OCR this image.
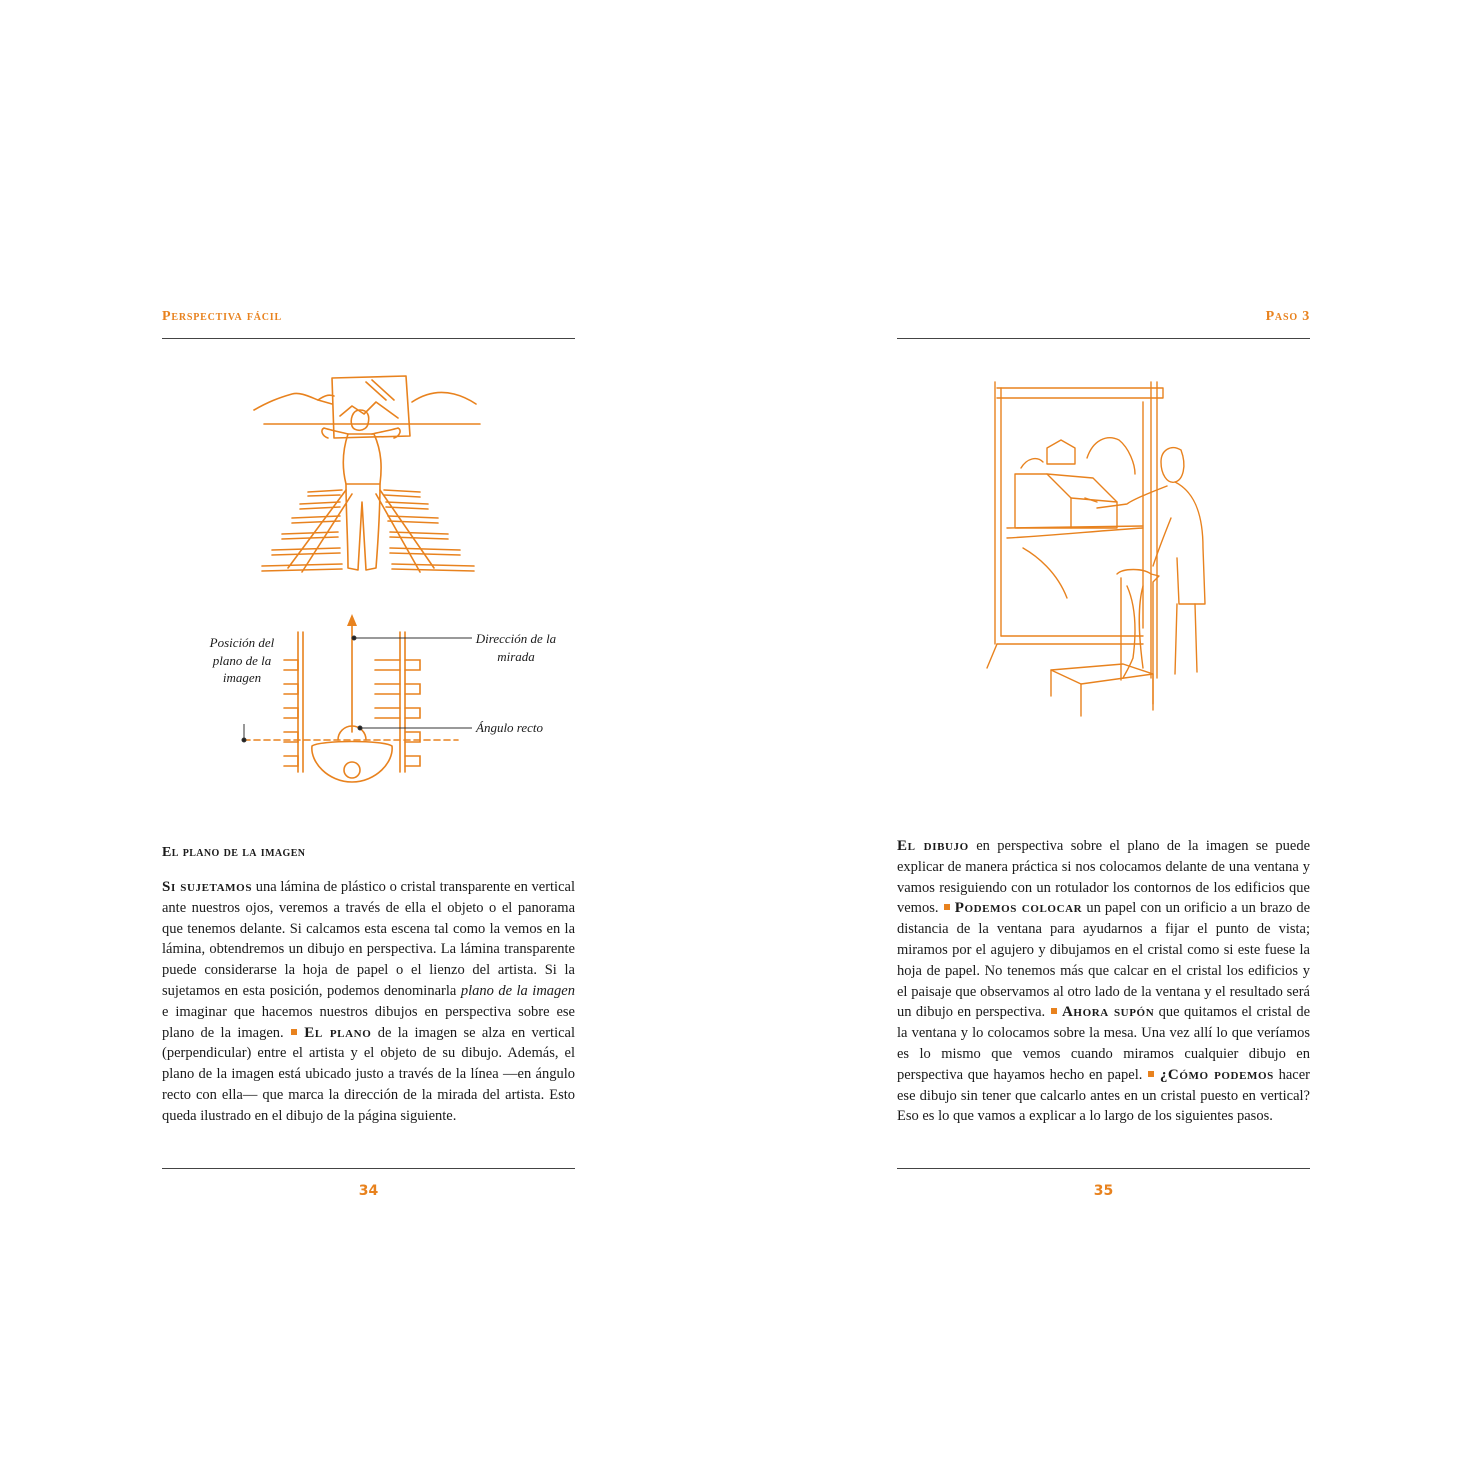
Perspectiva fácil
Posición del plano de la imagen
Dirección de la mirada
Ángulo recto
El plano de la imagen

Si sujetamos una lámina de plástico o cristal transparente en vertical ante nuestros ojos, veremos a través de ella el objeto o el panorama que tenemos delante. Si calcamos esta escena tal como la vemos en la lámina, obtendremos un dibujo en perspectiva. La lámina transparente puede considerarse la hoja de papel o el lienzo del artista. Si la sujetamos en esta posición, podemos denominarla plano de la imagen e imaginar que hacemos nuestros dibujos en perspectiva sobre ese plano de la imagen.  El plano de la imagen se alza en vertical (perpendicular) entre el artista y el objeto de su dibujo. Además, el plano de la imagen está ubicado justo a través de la línea —en ángulo recto con ella— que marca la dirección de la mirada del artista. Esto queda ilustrado en el dibujo de la página siguiente.

34
Paso 3

El dibujo en perspectiva sobre el plano de la imagen se puede explicar de manera práctica si nos colocamos delante de una ventana y vamos resiguiendo con un rotulador los contornos de los edificios que vemos.  Podemos colocar un papel con un orificio a un brazo de distancia de la ventana para ayudarnos a fijar el punto de vista; miramos por el agujero y dibujamos en el cristal como si este fuese la hoja de papel. No tenemos más que calcar en el cristal los edificios y el paisaje que observamos al otro lado de la ventana y el resultado será un dibujo en perspectiva.  Ahora supón que quitamos el cristal de la ventana y lo colocamos sobre la mesa. Una vez allí lo que veríamos es lo mismo que vemos cuando miramos cualquier dibujo en perspectiva que hayamos hecho en papel.  ¿Cómo podemos hacer ese dibujo sin tener que calcarlo antes en un cristal puesto en vertical? Eso es lo que vamos a explicar a lo largo de los siguientes pasos.

35
